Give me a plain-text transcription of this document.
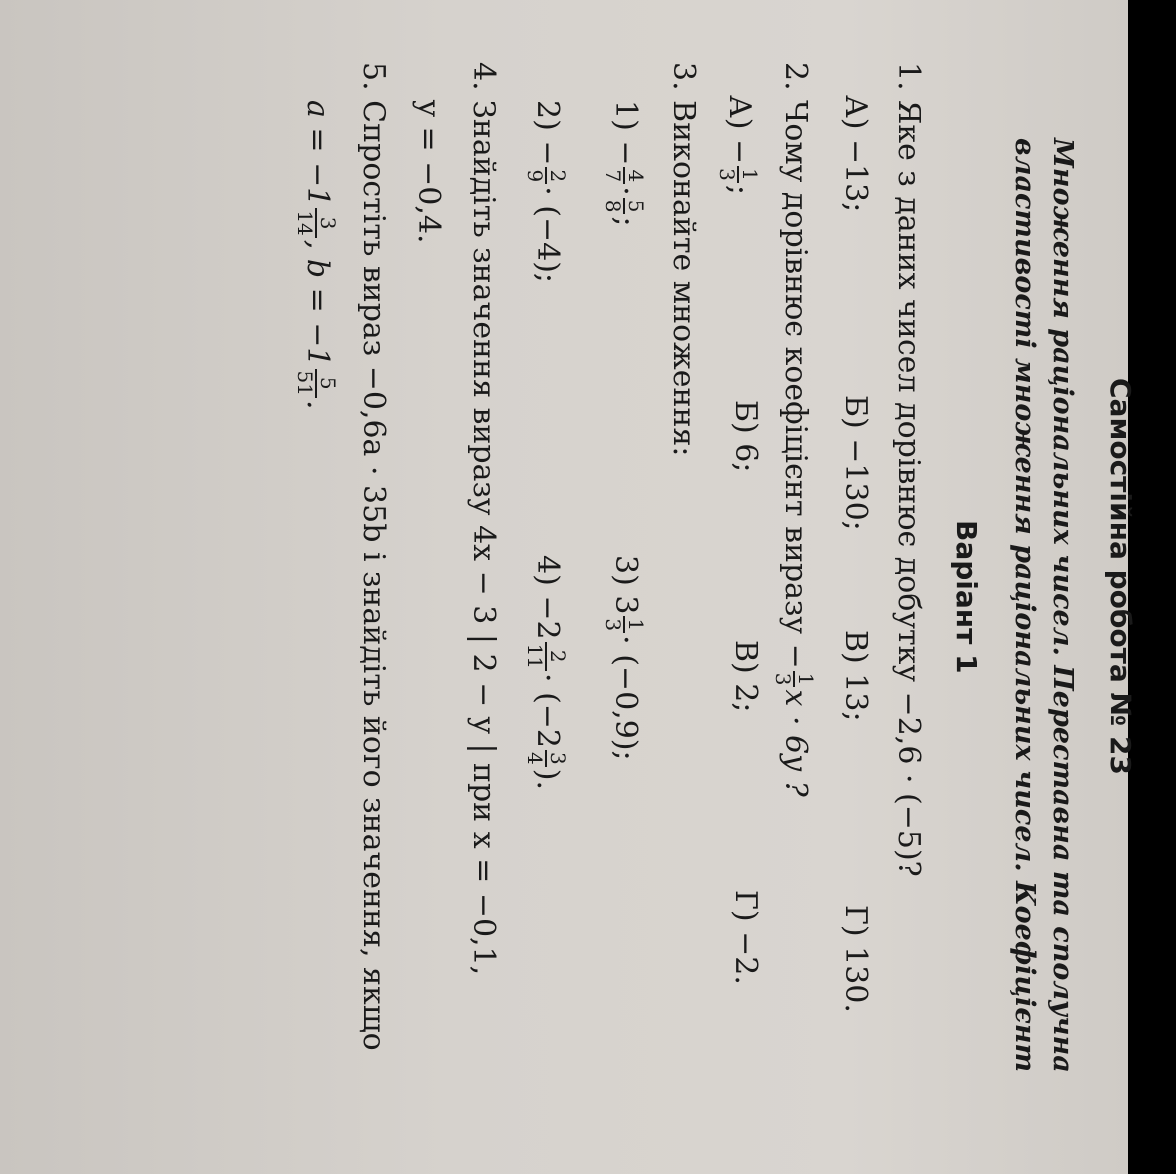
Самостійна робота № 23
Множення раціональних чисел. Переставна та сполучна
властивості множення раціональних чисел. Коефіцієнт
Варіант 1
1. Яке з даних чисел дорівнює добутку −2,6 · (−5)?
А) −13;
Б) −130;
В) 13;
Г) 130.
2. Чому дорівнює коефіцієнт виразу −
1
3
x · 6y ?
А) −
1
3
;
Б) 6;
В) 2;
Г) −2.
3. Виконайте множення:
1) −
4
7
·
5
8
;
3) 3
1
3
· (−0,9);
2) −
2
9
· (−4);
4) −2
2
11
· (−2
3
4
).
4. Знайдіть значення виразу 4x − 3 | 2 − y | при x = −0,1,
y = −0,4.
5. Спростіть вираз −0,6a · 35b і знайдіть його значення, якщо
a = −1
3
14
, b = −1
5
51
.
